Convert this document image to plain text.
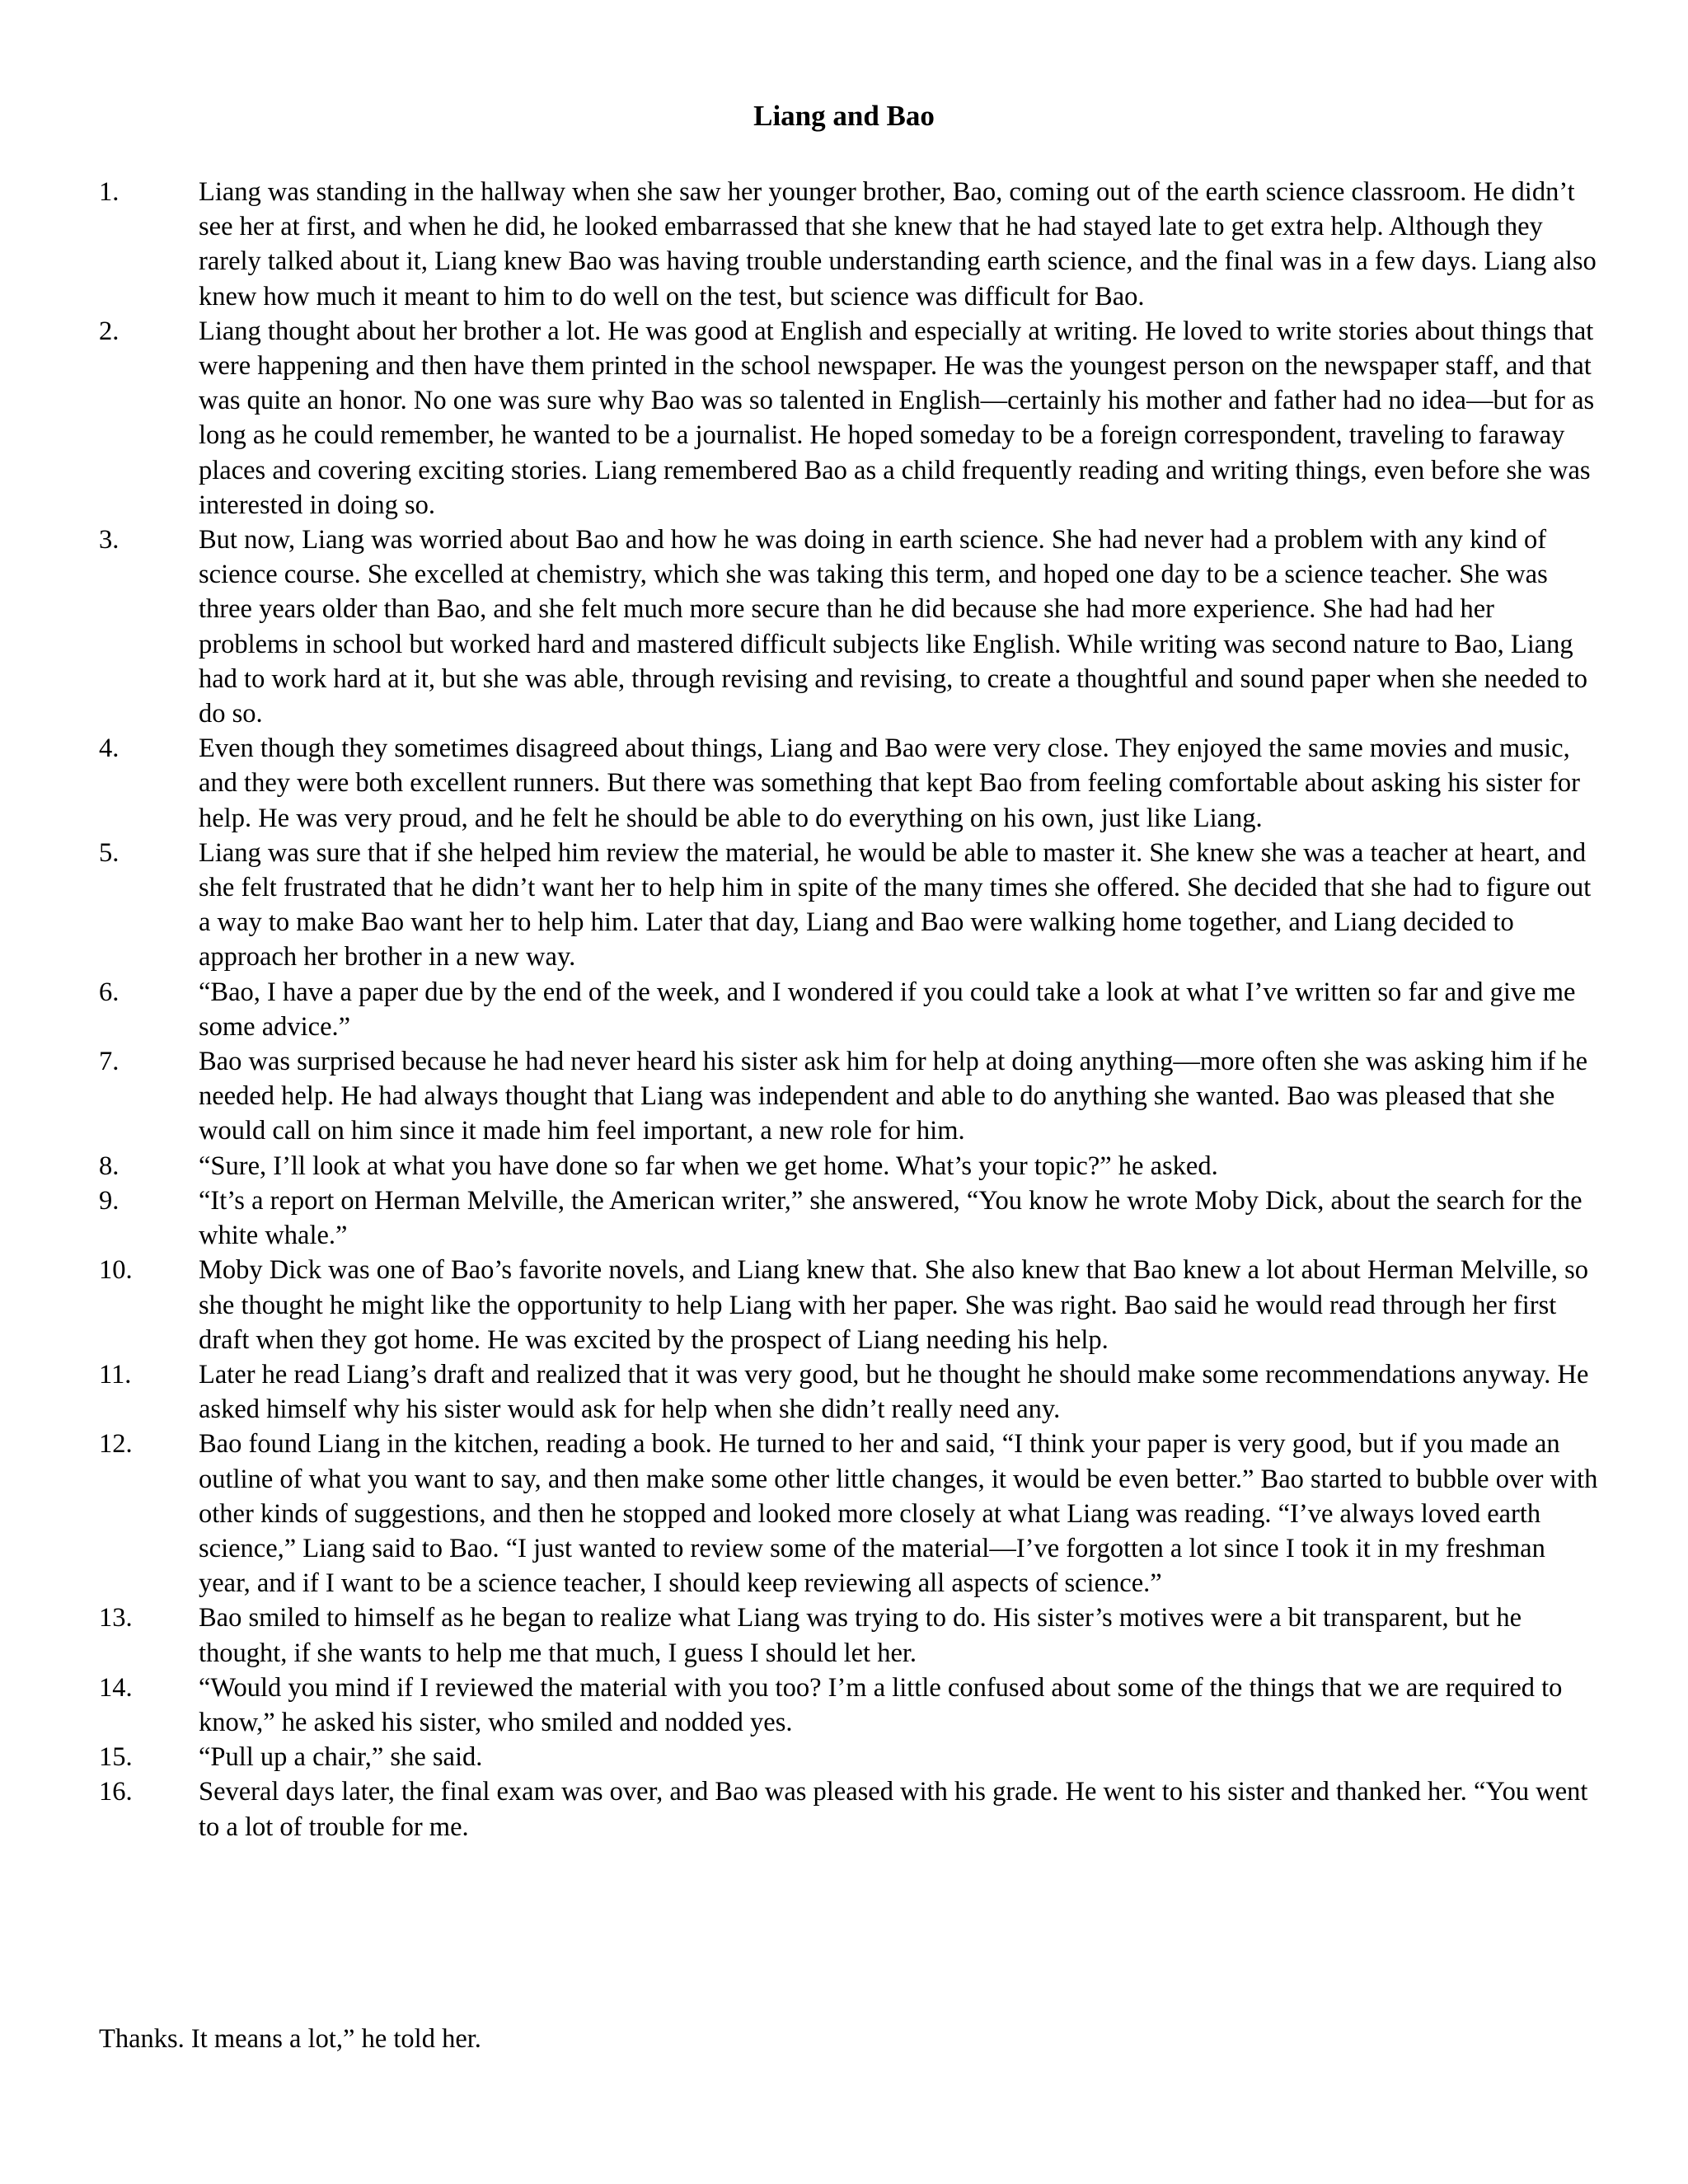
Liang and Bao
1.	Liang was standing in the hallway when she saw her younger brother, Bao, coming out of the earth science classroom. He didn’t see her at first, and when he did, he looked embarrassed that she knew that he had stayed late to get extra help. Although they rarely talked about it, Liang knew Bao was having trouble understanding earth science, and the final was in a few days. Liang also knew how much it meant to him to do well on the test, but science was difficult for Bao.
2.	Liang thought about her brother a lot. He was good at English and especially at writing. He loved to write stories about things that were happening and then have them printed in the school newspaper. He was the youngest person on the newspaper staff, and that was quite an honor. No one was sure why Bao was so talented in English—certainly his mother and father had no idea—but for as long as he could remember, he wanted to be a journalist. He hoped someday to be a foreign correspondent, traveling to faraway places and covering exciting stories. Liang remembered Bao as a child frequently reading and writing things, even before she was interested in doing so.
3.	But now, Liang was worried about Bao and how he was doing in earth science. She had never had a problem with any kind of science course. She excelled at chemistry, which she was taking this term, and hoped one day to be a science teacher. She was three years older than Bao, and she felt much more secure than he did because she had more experience. She had had her problems in school but worked hard and mastered difficult subjects like English. While writing was second nature to Bao, Liang had to work hard at it, but she was able, through revising and revising, to create a thoughtful and sound paper when she needed to do so.
4.	Even though they sometimes disagreed about things, Liang and Bao were very close. They enjoyed the same movies and music, and they were both excellent runners. But there was something that kept Bao from feeling comfortable about asking his sister for help. He was very proud, and he felt he should be able to do everything on his own, just like Liang.
5.	Liang was sure that if she helped him review the material, he would be able to master it. She knew she was a teacher at heart, and she felt frustrated that he didn’t want her to help him in spite of the many times she offered. She decided that she had to figure out a way to make Bao want her to help him. Later that day, Liang and Bao were walking home together, and Liang decided to approach her brother in a new way.
6.	“Bao, I have a paper due by the end of the week, and I wondered if you could take a look at what I’ve written so far and give me some advice.”
7.	Bao was surprised because he had never heard his sister ask him for help at doing anything—more often she was asking him if he needed help. He had always thought that Liang was independent and able to do anything she wanted. Bao was pleased that she would call on him since it made him feel important, a new role for him.
8.	“Sure, I’ll look at what you have done so far when we get home. What’s your topic?” he asked.
9.	“It’s a report on Herman Melville, the American writer,” she answered, “You know he wrote Moby Dick, about the search for the white whale.”
10. Moby Dick was one of Bao’s favorite novels, and Liang knew that. She also knew that Bao knew a lot about Herman Melville, so she thought he might like the opportunity to help Liang with her paper. She was right. Bao said he would read through her first draft when they got home. He was excited by the prospect of Liang needing his help.
11.	Later he read Liang’s draft and realized that it was very good, but he thought he should make some recommendations anyway. He asked himself why his sister would ask for help when she didn’t really need any.
12. Bao found Liang in the kitchen, reading a book. He turned to her and said, “I think your paper is very good, but if you made an outline of what you want to say, and then make some other little changes, it would be even better.” Bao started to bubble over with other kinds of suggestions, and then he stopped and looked more closely at what Liang was reading. “I’ve always loved earth science,” Liang said to Bao. “I just wanted to review some of the material—I’ve forgotten a lot since I took it in my freshman year, and if I want to be a science teacher, I should keep reviewing all aspects of science.”
13. Bao smiled to himself as he began to realize what Liang was trying to do. His sister’s motives were a bit transparent, but he thought, if she wants to help me that much, I guess I should let her.
14. “Would you mind if I reviewed the material with you too? I’m a little confused about some of the things that we are required to know,” he asked his sister, who smiled and nodded yes.
15. “Pull up a chair,” she said.
16. Several days later, the final exam was over, and Bao was pleased with his grade. He went to his sister and thanked her. “You went to a lot of trouble for me.

Thanks. It means a lot,” he told her.
